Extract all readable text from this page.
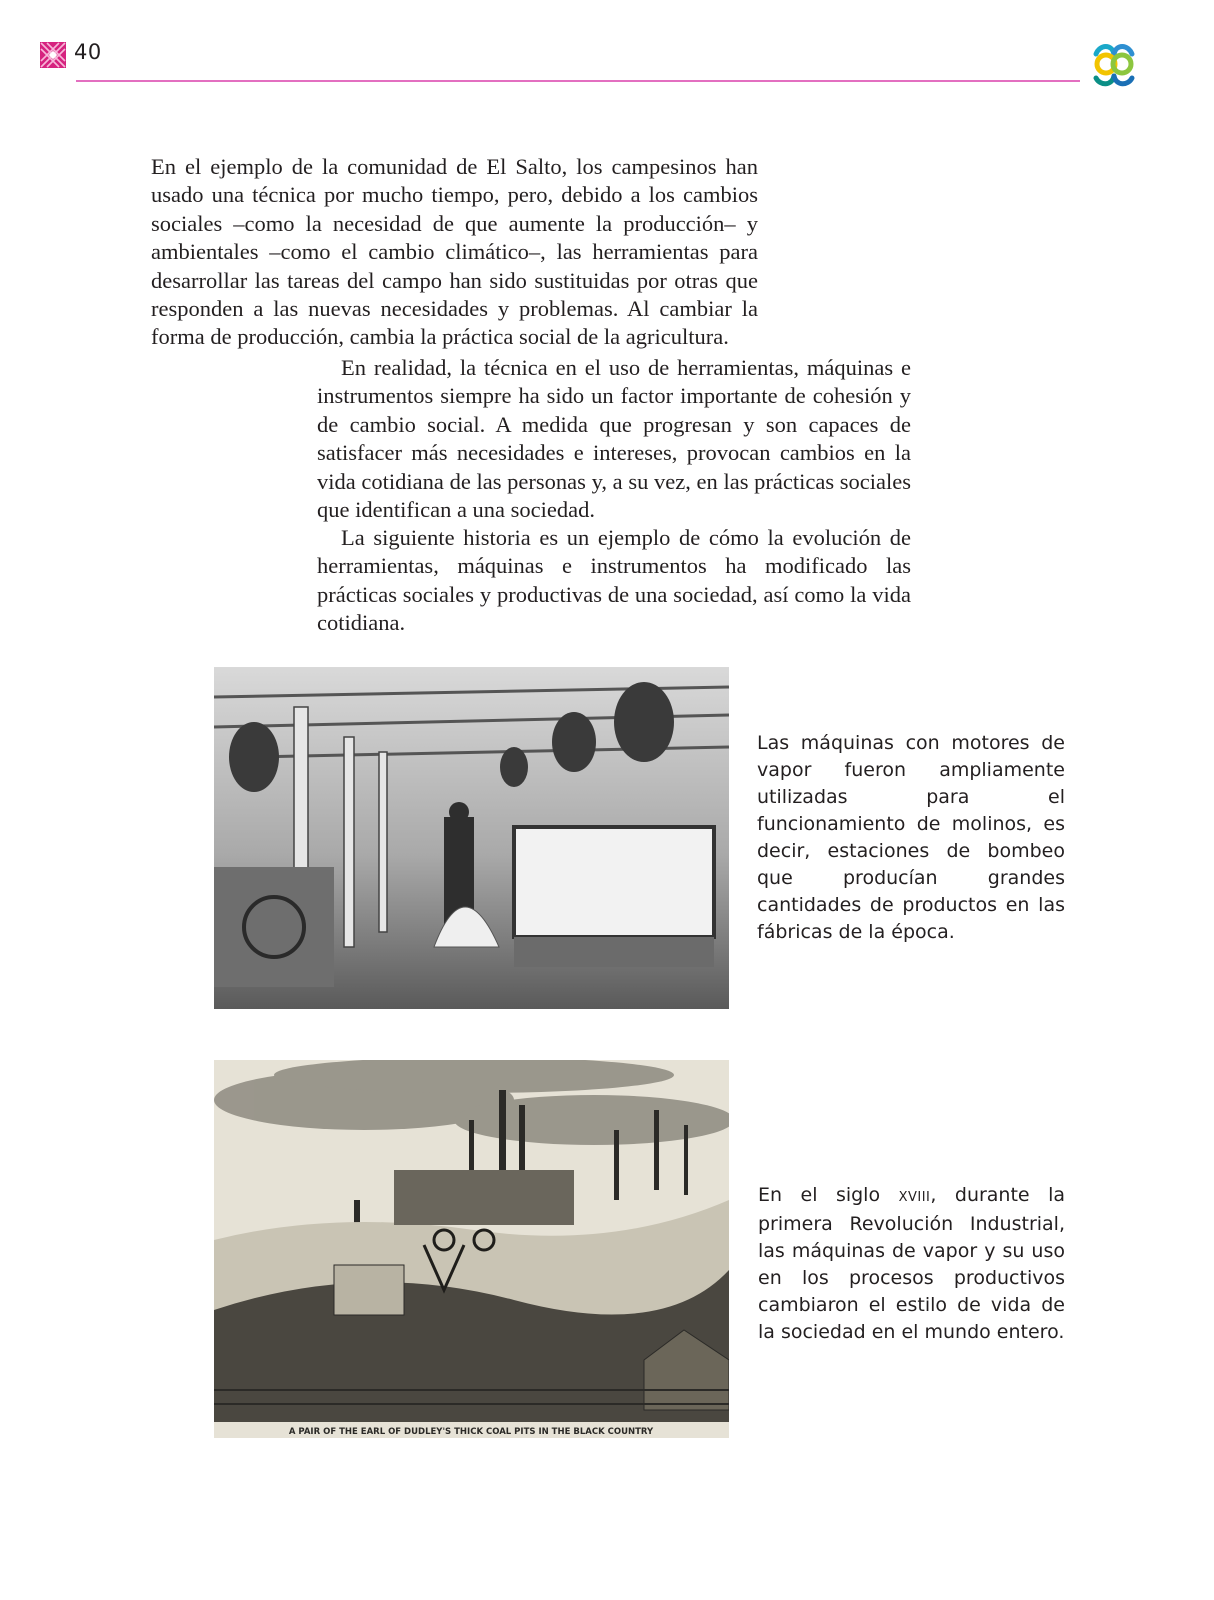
40

En el ejemplo de la comunidad de El Salto, los campesinos han usado una técnica por mucho tiempo, pero, debido a los cambios sociales –como la necesidad de que aumente la producción– y ambientales –como el cambio climático–, las herramientas para desarrollar las tareas del campo han sido sustituidas por otras que responden a las nuevas necesidades y problemas. Al cambiar la forma de producción, cambia la práctica social de la agricultura.

En realidad, la técnica en el uso de herramientas, máquinas e instrumentos siempre ha sido un factor importante de cohesión y de cambio social. A medida que progresan y son capaces de satisfacer más necesidades e intereses, provocan cambios en la vida cotidiana de las personas y, a su vez, en las prácticas sociales que identifican a una sociedad.

La siguiente historia es un ejemplo de cómo la evolución de herramientas, máquinas e instrumentos ha modificado las prácticas sociales y productivas de una sociedad, así como la vida cotidiana.

Las máquinas con motores de vapor fueron ampliamente utilizadas para el funcionamiento de molinos, es decir, estaciones de bombeo que producían grandes cantidades de productos en las fábricas de la época.

A PAIR OF THE EARL OF DUDLEY'S THICK COAL PITS IN THE BLACK COUNTRY

En el siglo XVIII, durante la primera Revolución Industrial, las máquinas de vapor y su uso en los procesos productivos cambiaron el estilo de vida de la sociedad en el mundo entero.
